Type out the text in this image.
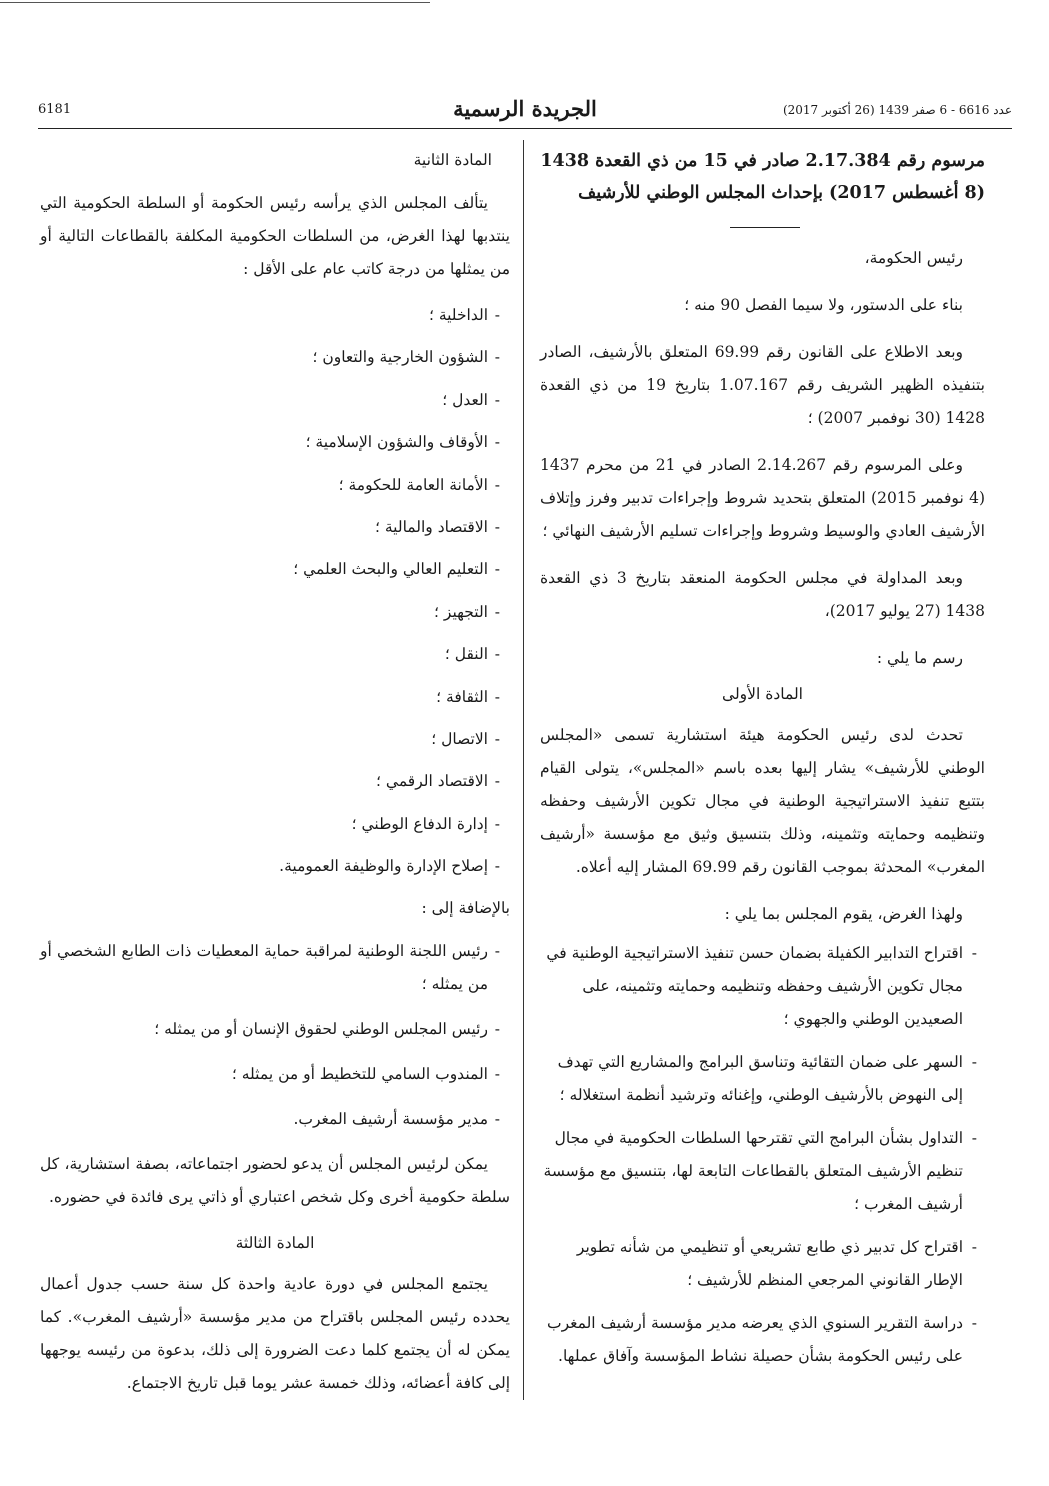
6181	الجريدة الرسمية	عدد 6616 - 6 صفر 1439 (26 أكتوبر 2017)

مرسوم رقم 2.17.384 صادر في 15 من ذي القعدة 1438

(8 أغسطس 2017) بإحداث المجلس الوطني للأرشيف

رئيس الحكومة،

بناء على الدستور، ولا سيما الفصل 90 منه ؛

وبعد الاطلاع على القانون رقم 69.99 المتعلق بالأرشيف، الصادر بتنفيذه الظهير الشريف رقم 1.07.167 بتاريخ 19 من ذي القعدة 1428 (30 نوفمبر 2007) ؛

وعلى المرسوم رقم 2.14.267 الصادر في 21 من محرم 1437 (4 نوفمبر 2015) المتعلق بتحديد شروط وإجراءات تدبير وفرز وإتلاف الأرشيف العادي والوسيط وشروط وإجراءات تسليم الأرشيف النهائي ؛

وبعد المداولة في مجلس الحكومة المنعقد بتاريخ 3 ذي القعدة 1438 (27 يوليو 2017)،

رسم ما يلي :

المادة الأولى

تحدث لدى رئيس الحكومة هيئة استشارية تسمى «المجلس الوطني للأرشيف» يشار إليها بعده باسم «المجلس»، يتولى القيام بتتبع تنفيذ الاستراتيجية الوطنية في مجال تكوين الأرشيف وحفظه وتنظيمه وحمايته وتثمينه، وذلك بتنسيق وثيق مع مؤسسة «أرشيف المغرب» المحدثة بموجب القانون رقم 69.99 المشار إليه أعلاه.

ولهذا الغرض، يقوم المجلس بما يلي :

- اقتراح التدابير الكفيلة بضمان حسن تنفيذ الاستراتيجية الوطنية في مجال تكوين الأرشيف وحفظه وتنظيمه وحمايته وتثمينه، على الصعيدين الوطني والجهوي ؛

- السهر على ضمان التقائية وتناسق البرامج والمشاريع التي تهدف إلى النهوض بالأرشيف الوطني، وإغنائه وترشيد أنظمة استغلاله ؛

- التداول بشأن البرامج التي تقترحها السلطات الحكومية في مجال تنظيم الأرشيف المتعلق بالقطاعات التابعة لها، بتنسيق مع مؤسسة أرشيف المغرب ؛

- اقتراح كل تدبير ذي طابع تشريعي أو تنظيمي من شأنه تطوير الإطار القانوني المرجعي المنظم للأرشيف ؛

- دراسة التقرير السنوي الذي يعرضه مدير مؤسسة أرشيف المغرب على رئيس الحكومة بشأن حصيلة نشاط المؤسسة وآفاق عملها.

المادة الثانية

يتألف المجلس الذي يرأسه رئيس الحكومة أو السلطة الحكومية التي ينتدبها لهذا الغرض، من السلطات الحكومية المكلفة بالقطاعات التالية أو من يمثلها من درجة كاتب عام على الأقل :

- الداخلية ؛

- الشؤون الخارجية والتعاون ؛

- العدل ؛

- الأوقاف والشؤون الإسلامية ؛

- الأمانة العامة للحكومة ؛

- الاقتصاد والمالية ؛

- التعليم العالي والبحث العلمي ؛

- التجهيز ؛

- النقل ؛

- الثقافة ؛

- الاتصال ؛

- الاقتصاد الرقمي ؛

- إدارة الدفاع الوطني ؛

- إصلاح الإدارة والوظيفة العمومية.

بالإضافة إلى :

- رئيس اللجنة الوطنية لمراقبة حماية المعطيات ذات الطابع الشخصي أو من يمثله ؛

- رئيس المجلس الوطني لحقوق الإنسان أو من يمثله ؛

- المندوب السامي للتخطيط أو من يمثله ؛

- مدير مؤسسة أرشيف المغرب.

يمكن لرئيس المجلس أن يدعو لحضور اجتماعاته، بصفة استشارية، كل سلطة حكومية أخرى وكل شخص اعتباري أو ذاتي يرى فائدة في حضوره.

المادة الثالثة

يجتمع المجلس في دورة عادية واحدة كل سنة حسب جدول أعمال يحدده رئيس المجلس باقتراح من مدير مؤسسة «أرشيف المغرب». كما يمكن له أن يجتمع كلما دعت الضرورة إلى ذلك، بدعوة من رئيسه يوجهها إلى كافة أعضائه، وذلك خمسة عشر يوما قبل تاريخ الاجتماع.
